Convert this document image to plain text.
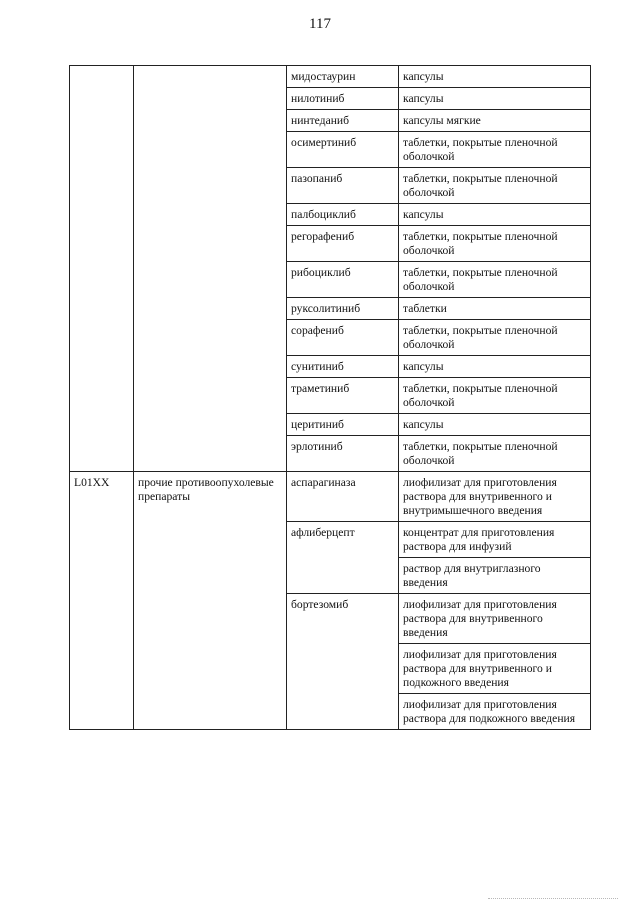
117
		мидостаурин	капсулы
		нилотиниб	капсулы
		нинтеданиб	капсулы мягкие
		осимертиниб	таблетки, покрытые пленочной оболочкой
		пазопаниб	таблетки, покрытые пленочной оболочкой
		палбоциклиб	капсулы
		регорафениб	таблетки, покрытые пленочной оболочкой
		рибоциклиб	таблетки, покрытые пленочной оболочкой
		руксолитиниб	таблетки
		сорафениб	таблетки, покрытые пленочной оболочкой
		сунитиниб	капсулы
		траметиниб	таблетки, покрытые пленочной оболочкой
		церитиниб	капсулы
		эрлотиниб	таблетки, покрытые пленочной оболочкой
L01XX	прочие противоопухолевые препараты	аспарагиназа	лиофилизат для приготовления раствора для внутривенного и внутримышечного введения
		афлиберцепт	концентрат для приготовления раствора для инфузий
			раствор для внутриглазного введения
		бортезомиб	лиофилизат для приготовления раствора для внутривенного введения
			лиофилизат для приготовления раствора для внутривенного и подкожного введения
			лиофилизат для приготовления раствора для подкожного введения
